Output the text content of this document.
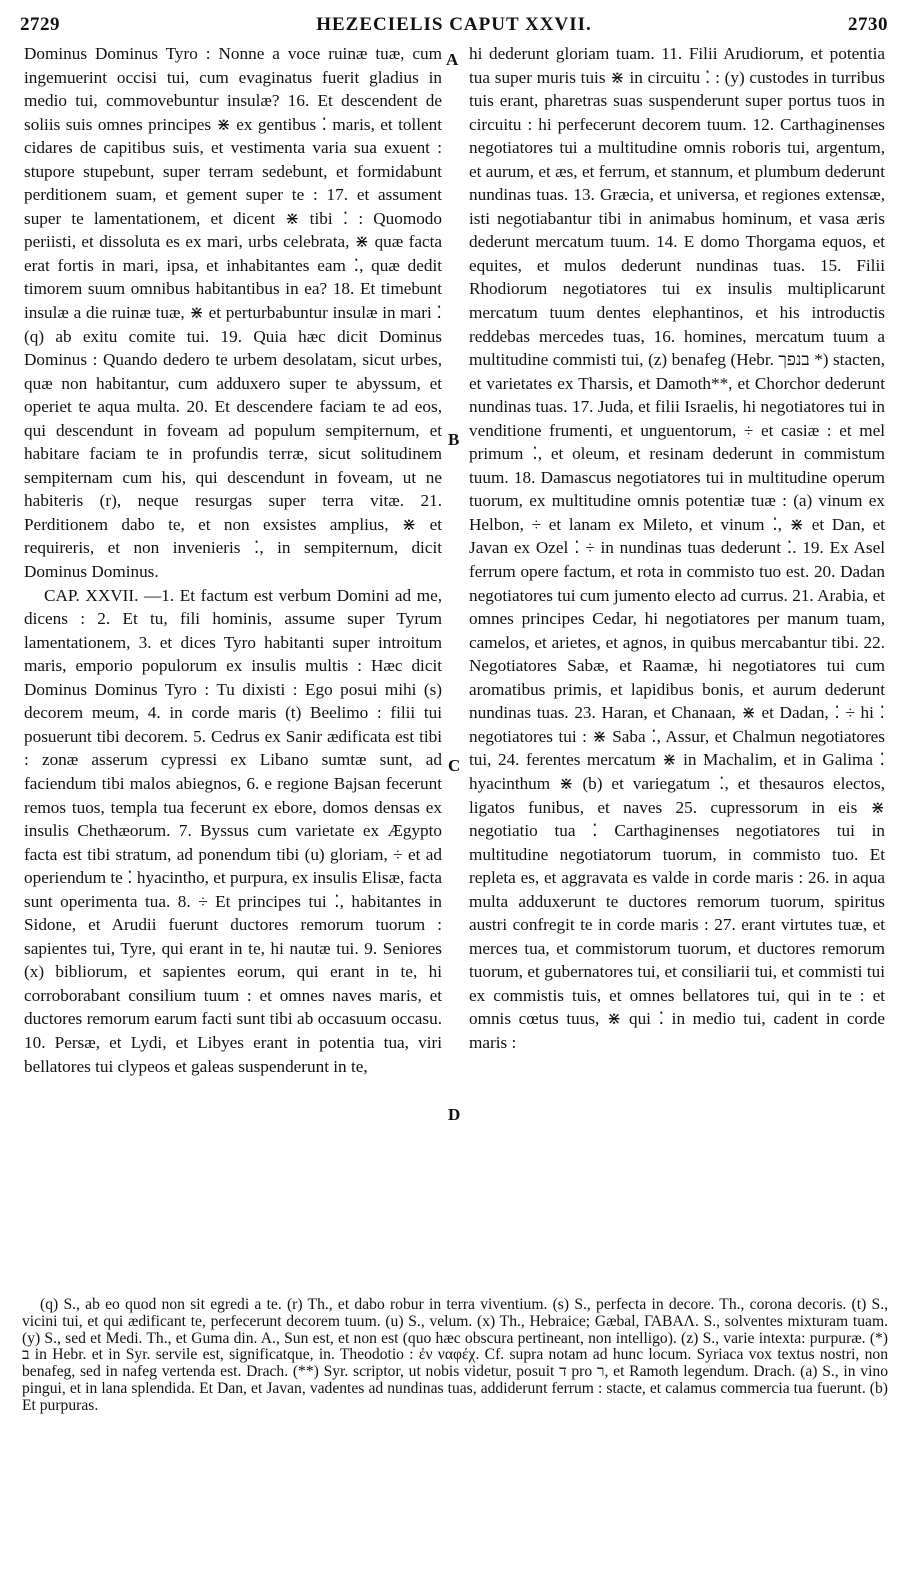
2729	HEZECIELIS CAPUT XXVII.	2730

Dominus Dominus Tyro : Nonne a voce ruinæ tuæ, cum ingemuerint occisi tui, cum evaginatus fuerit gladius in medio tui, commovebuntur insulæ? 16. Et descendent de soliis suis omnes principes ⋇ ex gentibus ⁚ maris, et tollent cidares de capitibus suis, et vestimenta varia sua exuent : stupore stupebunt, super terram sedebunt, et formidabunt perditionem suam, et gement super te : 17. et assument super te lamentationem, et dicent ⋇ tibi ⁚ : Quomodo periisti, et dissoluta es ex mari, urbs celebrata, ⋇ quæ facta erat fortis in mari, ipsa, et inhabitantes eam ⁚, quæ dedit timorem suum omnibus habitantibus in ea? 18. Et timebunt insulæ a die ruinæ tuæ, ⋇ et perturbabuntur insulæ in mari ⁚ (q) ab exitu comite tui. 19. Quia hæc dicit Dominus Dominus : Quando dedero te urbem desolatam, sicut urbes, quæ non habitantur, cum adduxero super te abyssum, et operiet te aqua multa. 20. Et descendere faciam te ad eos, qui descendunt in foveam ad populum sempiternum, et habitare faciam te in profundis terræ, sicut solitudinem sempiternam cum his, qui descendunt in foveam, ut ne habiteris (r), neque resurgas super terra vitæ. 21. Perditionem dabo te, et non exsistes amplius, ⋇ et requireris, et non invenieris ⁚, in sempiternum, dicit Dominus Dominus.

CAP. XXVII. —1. Et factum est verbum Domini ad me, dicens : 2. Et tu, fili hominis, assume super Tyrum lamentationem, 3. et dices Tyro habitanti super introitum maris, emporio populorum ex insulis multis : Hæc dicit Dominus Dominus Tyro : Tu dixisti : Ego posui mihi (s) decorem meum, 4. in corde maris (t) Beelimo : filii tui posuerunt tibi decorem. 5. Cedrus ex Sanir ædificata est tibi : zonæ asserum cypressi ex Libano sumtæ sunt, ad faciendum tibi malos abiegnos, 6. e regione Bajsan fecerunt remos tuos, templa tua fecerunt ex ebore, domos densas ex insulis Chethæorum. 7. Byssus cum varietate ex Ægypto facta est tibi stratum, ad ponendum tibi (u) gloriam, ÷ et ad operiendum te ⁚ hyacintho, et purpura, ex insulis Elisæ, facta sunt operimenta tua. 8. ÷ Et principes tui ⁚, habitantes in Sidone, et Arudii fuerunt ductores remorum tuorum : sapientes tui, Tyre, qui erant in te, hi nautæ tui. 9. Seniores (x) bibliorum, et sapientes eorum, qui erant in te, hi corroborabant consilium tuum : et omnes naves maris, et ductores remorum earum facti sunt tibi ab occasuum occasu. 10. Persæ, et Lydi, et Libyes erant in potentia tua, viri bellatores tui clypeos et galeas suspenderunt in te,

A
B
C
D

hi dederunt gloriam tuam. 11. Filii Arudiorum, et potentia tua super muris tuis ⋇ in circuitu ⁚ : (y) custodes in turribus tuis erant, pharetras suas suspenderunt super portus tuos in circuitu : hi perfecerunt decorem tuum. 12. Carthaginenses negotiatores tui a multitudine omnis roboris tui, argentum, et aurum, et æs, et ferrum, et stannum, et plumbum dederunt nundinas tuas. 13. Græcia, et universa, et regiones extensæ, isti negotiabantur tibi in animabus hominum, et vasa æris dederunt mercatum tuum. 14. E domo Thorgama equos, et equites, et mulos dederunt nundinas tuas. 15. Filii Rhodiorum negotiatores tui ex insulis multiplicarunt mercatum tuum dentes elephantinos, et his introductis reddebas mercedes tuas, 16. homines, mercatum tuum a multitudine commisti tui, (z) benafeg (Hebr. בנפך *) stacten, et varietates ex Tharsis, et Damoth**, et Chorchor dederunt nundinas tuas. 17. Juda, et filii Israelis, hi negotiatores tui in venditione frumenti, et unguentorum, ÷ et casiæ : et mel primum ⁚, et oleum, et resinam dederunt in commistum tuum. 18. Damascus negotiatores tui in multitudine operum tuorum, ex multitudine omnis potentiæ tuæ : (a) vinum ex Helbon, ÷ et lanam ex Mileto, et vinum ⁚, ⋇ et Dan, et Javan ex Ozel ⁚ ÷ in nundinas tuas dederunt ⁚. 19. Ex Asel ferrum opere factum, et rota in commisto tuo est. 20. Dadan negotiatores tui cum jumento electo ad currus. 21. Arabia, et omnes principes Cedar, hi negotiatores per manum tuam, camelos, et arietes, et agnos, in quibus mercabantur tibi. 22. Negotiatores Sabæ, et Raamæ, hi negotiatores tui cum aromatibus primis, et lapidibus bonis, et aurum dederunt nundinas tuas. 23. Haran, et Chanaan, ⋇ et Dadan, ⁚ ÷ hi ⁚ negotiatores tui : ⋇ Saba ⁚, Assur, et Chalmun negotiatores tui, 24. ferentes mercatum ⋇ in Machalim, et in Galima ⁚ hyacinthum ⋇ (b) et variegatum ⁚, et thesauros electos, ligatos funibus, et naves 25. cupressorum in eis ⋇ negotiatio tua ⁚ Carthaginenses negotiatores tui in multitudine negotiatorum tuorum, in commisto tuo. Et repleta es, et aggravata es valde in corde maris : 26. in aqua multa adduxerunt te ductores remorum tuorum, spiritus austri confregit te in corde maris : 27. erant virtutes tuæ, et merces tua, et commistorum tuorum, et ductores remorum tuorum, et gubernatores tui, et consiliarii tui, et commisti tui ex commistis tuis, et omnes bellatores tui, qui in te : et omnis cœtus tuus, ⋇ qui ⁚ in medio tui, cadent in corde maris :

(q) S., ab eo quod non sit egredi a te. (r) Th., et dabo robur in terra viventium. (s) S., perfecta in decore. Th., corona decoris. (t) S., vicini tui, et qui ædificant te, perfecerunt decorem tuum. (u) S., velum. (x) Th., Hebraice; Gæbal, ΓΑΒΑΛ. S., solventes mixturam tuam. (y) S., sed et Medi. Th., et Guma din. A., Sun est, et non est (quo hæc obscura pertineant, non intelligo). (z) S., varie intexta: purpuræ. (*) ב in Hebr. et in Syr. servile est, significatque, in. Theodotio : ἐν ναφέχ. Cf. supra notam ad hunc locum. Syriaca vox textus nostri, non benafeg, sed in nafeg vertenda est. Drach. (**) Syr. scriptor, ut nobis videtur, posuit ד pro ר, et Ramoth legendum. Drach. (a) S., in vino pingui, et in lana splendida. Et Dan, et Javan, vadentes ad nundinas tuas, addiderunt ferrum : stacte, et calamus commercia tua fuerunt. (b) Et purpuras.
